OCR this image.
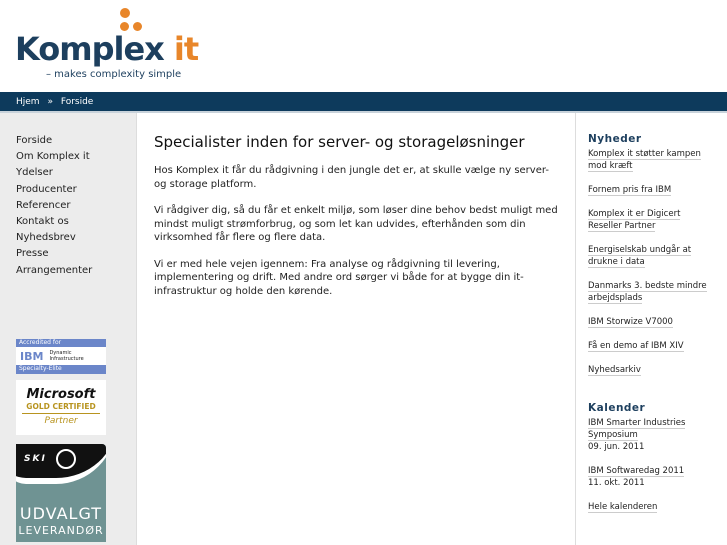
Komplex it
– makes complexity simple
Hjem » Forside
Forside
Om Komplex it
Ydelser
Producenter
Referencer
Kontakt os
Nyhedsbrev
Presse
Arrangementer
Accredited for
IBM Dynamic Infrastructure
Specialty-Elite
Microsoft
GOLD CERTIFIED
Partner
SKI
UDVALGT
LEVERANDØR
Specialister inden for server- og storageløsninger

Hos Komplex it får du rådgivning i den jungle det er, at skulle vælge ny server- og storage platform.

Vi rådgiver dig, så du får et enkelt miljø, som løser dine behov bedst muligt med mindst muligt strømforbrug, og som let kan udvides, efterhånden som din virksomhed får flere og flere data.

Vi er med hele vejen igennem: Fra analyse og rådgivning til levering, implementering og drift. Med andre ord sørger vi både for at bygge din it-infrastruktur og holde den kørende.

Nyheder
Komplex it støtter kampen mod kræft
Fornem pris fra IBM
Komplex it er Digicert Reseller Partner
Energiselskab undgår at drukne i data
Danmarks 3. bedste mindre arbejdsplads
IBM Storwize V7000
Få en demo af IBM XIV
Nyhedsarkiv
Kalender
IBM Smarter Industries Symposium
09. jun. 2011
IBM Softwaredag 2011
11. okt. 2011
Hele kalenderen
